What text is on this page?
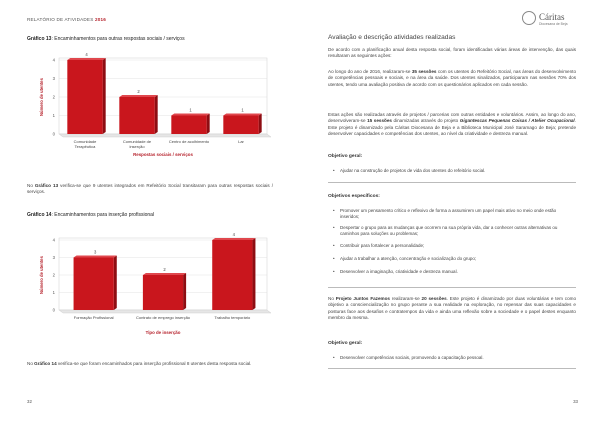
RELATÓRIO DE ATIVIDADES 2016
Gráfico 13: Encaminhamentos para outras respostas sociais / serviços
0
1
2
3
4
Número de utentes
4
Comunidade
Terapêutica
2
Comunidade de
inserção
1
Centro de acolhimento
1
Lar
Respostas sociais / serviços
No Gráfico 13 verifica-se que 9 utentes integrados em Refeitório Social transitaram para outras respostas sociais / serviços.
Gráfico 14: Encaminhamentos para inserção profissional
0
1
2
3
4
Número de utentes
3
Formação Profissional
2
Contrato de emprego inserção
4
Trabalho temporário
Tipo de inserção
No Gráfico 14 verifica-se que foram encaminhados para inserção profissional 8 utentes desta resposta social.
32
Cáritas
Diocesana de Beja
33
Avaliação e descrição atividades realizadas
De acordo com a planificação anual desta resposta social, foram identificadas várias áreas de intervenção, das quais resultaram as seguintes ações:
Ao longo do ano de 2016, realizaram-se 35 sessões com os utentes do Refeitório Social, nas áreas do desenvolvimento de competências pessoais e sociais, e na área da saúde. Dos utentes sinalizados, participaram nas sessões 70% dos utentes, tendo uma avaliação positiva de acordo com os questionários aplicados em cada sessão.
Estas ações são realizadas através de projetos / parcerias com outras entidades e voluntários. Assim, ao longo do ano, desenvolveram-se 15 sessões dinamizadas através do projeto Gigantescas Pequenas Coisas / Atelier Ocupacional. Este projeto é dinamizado pela Cáritas Diocesana de Beja e a Biblioteca Municipal José Saramago de Beja; pretende desenvolver capacidades e competências dos utentes, ao nível da criatividade e destreza manual.
Objetivo geral:
• Ajudar na construção de projetos de vida dos utentes do refeitório social.
Objetivos específicos:
• Promover um pensamento crítico e reflexivo de forma a assumirem um papel mais ativo no meio onde estão inseridos;
• Despertar o grupo para as mudanças que ocorrem na sua própria vida, dar a conhecer outras alternativas ou caminhos para soluções ou problemas;
• Contribuir para fortalecer a personalidade;
• Ajudar a trabalhar a atenção, concentração e socialização do grupo;
• Desenvolver a imaginação, criatividade e destreza manual.
No Projeto Juntos Fazemos realizaram-se 20 sessões. Este projeto é dinamizado por duas voluntárias e tem como objetivo a consciencialização no grupo perante a sua realidade na exploração, no repensar das suas capacidades e posturas face aos desafios e contratempos da vida e ainda uma reflexão sobre a sociedade e o papel destes enquanto membro da mesma.
Objetivo geral:
• Desenvolver competências sociais, promovendo a capacitação pessoal.
